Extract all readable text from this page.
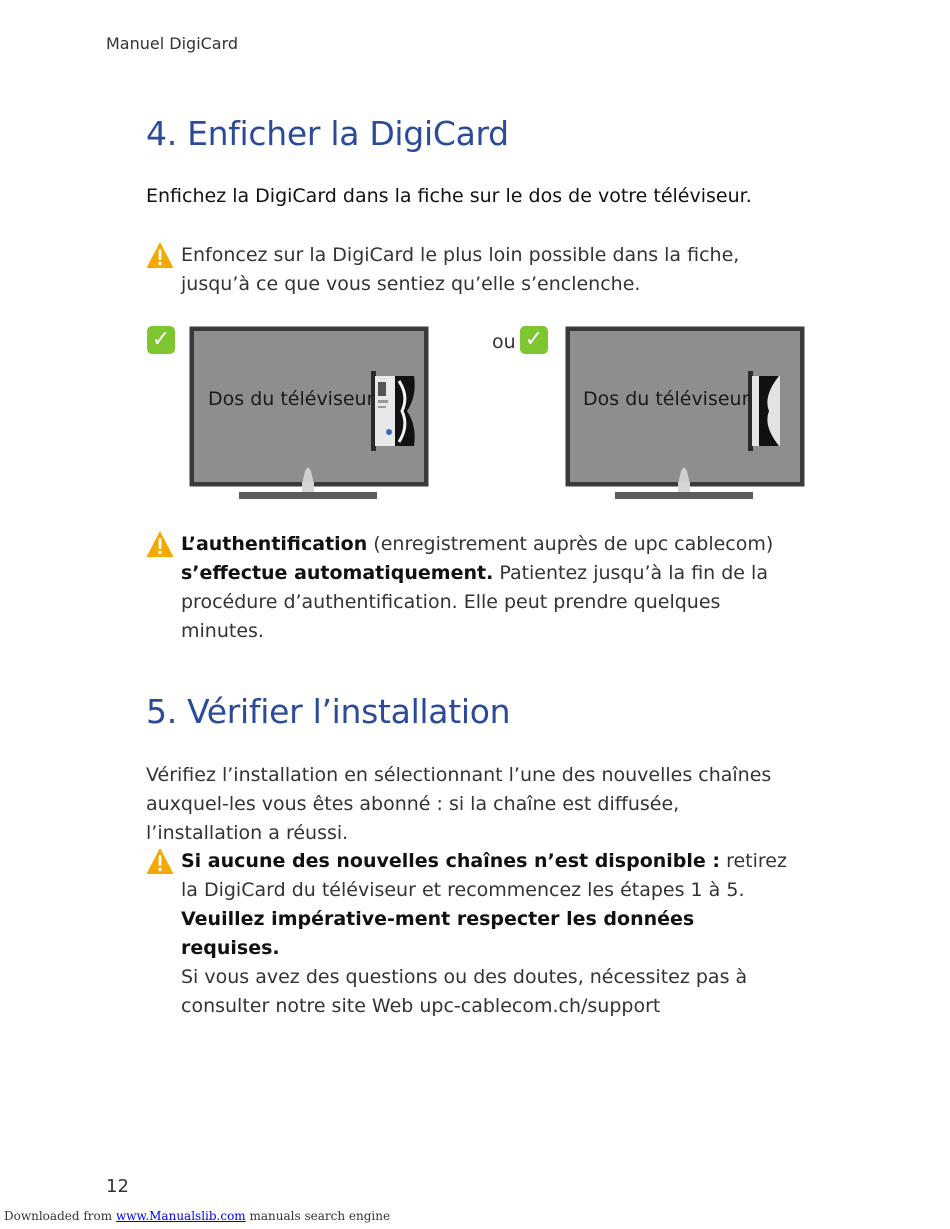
Manuel DigiCard
4. Enficher la DigiCard
Enfichez la DigiCard dans la fiche sur le dos de votre téléviseur.
Enfoncez sur la DigiCard le plus loin possible dans la fiche, jusqu’à ce que vous sentiez qu’elle s’enclenche.
✓
Dos du téléviseur
ou ✓
Dos du téléviseur
L’authentification (enregistrement auprès de upc cablecom) s’effectue automatiquement. Patientez jusqu’à la fin de la procédure d’authentification. Elle peut prendre quelques minutes.
5. Vérifier l’installation
Vérifiez l’installation en sélectionnant l’une des nouvelles chaînes auxquel-les vous êtes abonné : si la chaîne est diffusée, l’installation a réussi.
Si aucune des nouvelles chaînes n’est disponible : retirez la DigiCard du téléviseur et recommencez les étapes 1 à 5. Veuillez impérative-ment respecter les données requises.
Si vous avez des questions ou des doutes, nécessitez pas à consulter notre site Web upc-cablecom.ch/support
12
Downloaded from www.Manualslib.com manuals search engine
